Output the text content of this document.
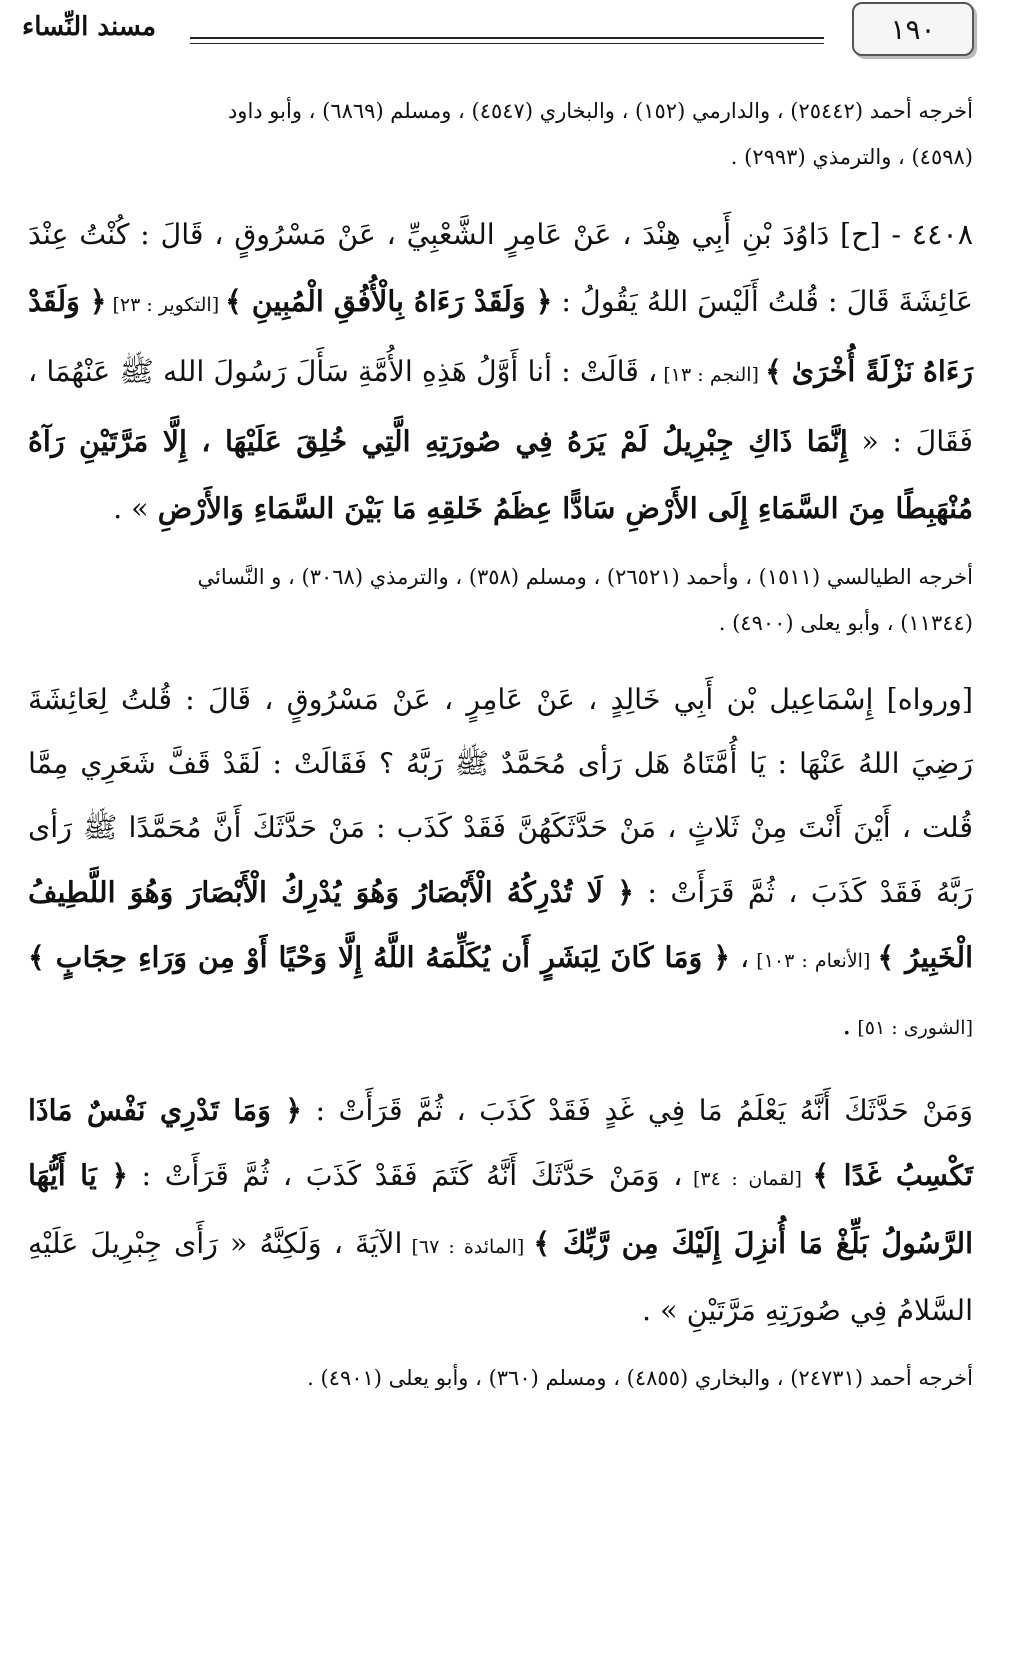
١٩٠
مسند النِّساء

أخرجه أحمد (٢٥٤٤٢) ، والدارمي (١٥٢) ، والبخاري (٤٥٤٧) ، ومسلم (٦٨٦٩) ، وأبو داود

(٤٥٩٨) ، والترمذي (٢٩٩٣) .

٤٤٠٨ - [ح] دَاوُدَ بْنِ أَبِي هِنْدَ ، عَنْ عَامِرٍ الشَّعْبِيِّ ، عَنْ مَسْرُوقٍ ، قَالَ : كُنْتُ عِنْدَ عَائِشَةَ قَالَ : قُلتُ أَلَيْسَ اللهُ يَقُولُ : ﴿ وَلَقَدْ رَءَاهُ بِالْأُفُقِ الْمُبِينِ ﴾ [التكوير : ٢٣] ﴿ وَلَقَدْ رَءَاهُ نَزْلَةً أُخْرَىٰ ﴾ [النجم : ١٣] ، قَالَتْ : أنا أَوَّلُ هَذِهِ الأُمَّةِ سَأَلَ رَسُولَ الله ﷺ عَنْهُمَا ، فَقَالَ : « إِنَّمَا ذَاكِ جِبْرِيلُ لَمْ يَرَهُ فِي صُورَتِهِ الَّتِي خُلِقَ عَلَيْهَا ، إِلَّا مَرَّتَيْنِ رَآهُ مُنْهَبِطًا مِنَ السَّمَاءِ إِلَى الأَرْضِ سَادًّا عِظَمُ خَلقِهِ مَا بَيْنَ السَّمَاءِ وَالأَرْضِ » .

أخرجه الطيالسي (١٥١١) ، وأحمد (٢٦٥٢١) ، ومسلم (٣٥٨) ، والترمذي (٣٠٦٨) ، و النَّسائي

(١١٣٤٤) ، وأبو يعلى (٤٩٠٠) .

[ورواه] إِسْمَاعِيل بْن أَبِي خَالِدٍ ، عَنْ عَامِرٍ ، عَنْ مَسْرُوقٍ ، قَالَ : قُلتُ لِعَائِشَةَ رَضِيَ اللهُ عَنْهَا : يَا أُمَّتَاهُ هَل رَأى مُحَمَّدٌ ﷺ رَبَّهُ ؟ فَقَالَتْ : لَقَدْ قَفَّ شَعَرِي مِمَّا قُلت ، أَيْنَ أَنْتَ مِنْ ثَلاثٍ ، مَنْ حَدَّثَكَهُنَّ فَقَدْ كَذَب : مَنْ حَدَّثَكَ أَنَّ مُحَمَّدًا ﷺ رَأى رَبَّهُ فَقَدْ كَذَبَ ، ثُمَّ قَرَأَتْ : ﴿ لَا تُدْرِكُهُ الْأَبْصَارُ وَهُوَ يُدْرِكُ الْأَبْصَارَ وَهُوَ اللَّطِيفُ الْخَبِيرُ ﴾ [الأنعام : ١٠٣] ، ﴿ وَمَا كَانَ لِبَشَرٍ أَن يُكَلِّمَهُ اللَّهُ إِلَّا وَحْيًا أَوْ مِن وَرَاءِ حِجَابٍ ﴾ [الشورى : ٥١] .

وَمَنْ حَدَّثَكَ أَنَّهُ يَعْلَمُ مَا فِي غَدٍ فَقَدْ كَذَبَ ، ثُمَّ قَرَأَتْ : ﴿ وَمَا تَدْرِي نَفْسٌ مَاذَا تَكْسِبُ غَدًا ﴾ [لقمان : ٣٤] ، وَمَنْ حَدَّثَكَ أَنَّهُ كَتَمَ فَقَدْ كَذَبَ ، ثُمَّ قَرَأَتْ : ﴿ يَا أَيُّهَا الرَّسُولُ بَلِّغْ مَا أُنزِلَ إِلَيْكَ مِن رَّبِّكَ ﴾ [المائدة : ٦٧] الآيَةَ ، وَلَكِنَّهُ « رَأَى جِبْرِيلَ عَلَيْهِ السَّلامُ فِي صُورَتِهِ مَرَّتَيْنِ » .

أخرجه أحمد (٢٤٧٣١) ، والبخاري (٤٨٥٥) ، ومسلم (٣٦٠) ، وأبو يعلى (٤٩٠١) .
